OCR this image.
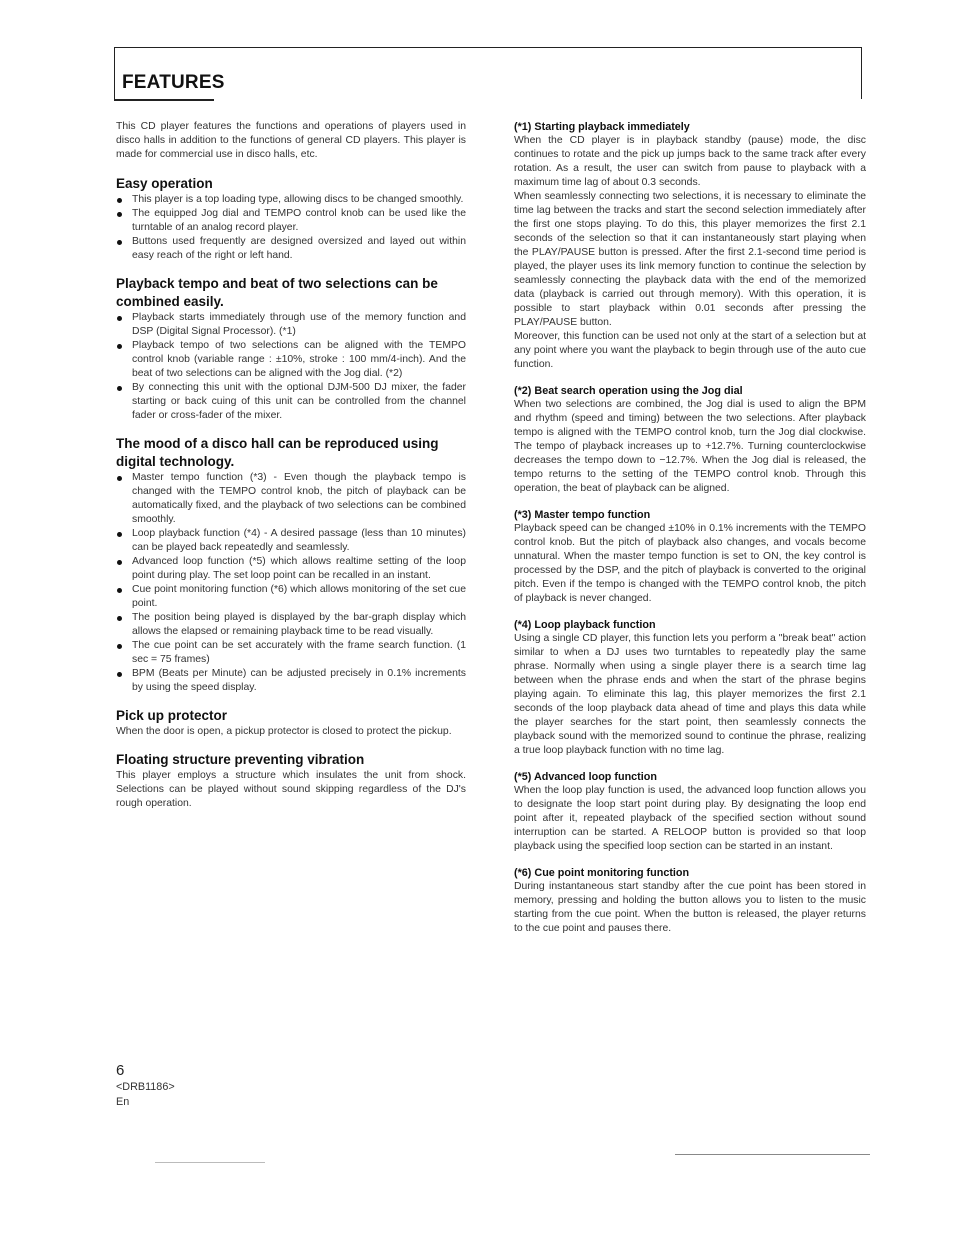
FEATURES

This CD player features the functions and operations of players used in disco halls in addition to the functions of general CD players. This player is made for commercial use in disco halls, etc.

Easy operation
This player is a top loading type, allowing discs to be changed smoothly.
The equipped Jog dial and TEMPO control knob can be used like the turntable of an analog record player.
Buttons used frequently are designed oversized and layed out within easy reach of the right or left hand.
Playback tempo and beat of two selections can be combined easily.
Playback starts immediately through use of the memory function and DSP (Digital Signal Processor). (*1)
Playback tempo of two selections can be aligned with the TEMPO control knob (variable range : ±10%, stroke : 100 mm/4-inch). And the beat of two selections can be aligned with the Jog dial. (*2)
By connecting this unit with the optional DJM-500 DJ mixer, the fader starting or back cuing of this unit can be controlled from the channel fader or cross-fader of the mixer.
The mood of a disco hall can be reproduced using digital technology.
Master tempo function (*3) - Even though the playback tempo is changed with the TEMPO control knob, the pitch of playback can be automatically fixed, and the playback of two selections can be combined smoothly.
Loop playback function (*4) - A desired passage (less than 10 minutes) can be played back repeatedly and seamlessly.
Advanced loop function (*5) which allows realtime setting of the loop point during play. The set loop point can be recalled in an instant.
Cue point monitoring function (*6) which allows monitoring of the set cue point.
The position being played is displayed by the bar-graph display which allows the elapsed or remaining playback time to be read visually.
The cue point can be set accurately with the frame search function. (1 sec = 75 frames)
BPM (Beats per Minute) can be adjusted precisely in 0.1% increments by using the speed display.
Pick up protector

When the door is open, a pickup protector is closed to protect the pickup.

Floating structure preventing vibration

This player employs a structure which insulates the unit from shock. Selections can be played without sound skipping regardless of the DJ's rough operation.

(*1) Starting playback immediately

When the CD player is in playback standby (pause) mode, the disc continues to rotate and the pick up jumps back to the same track after every rotation. As a result, the user can switch from pause to playback with a maximum time lag of about 0.3 seconds.

When seamlessly connecting two selections, it is necessary to eliminate the time lag between the tracks and start the second selection immediately after the first one stops playing. To do this, this player memorizes the first 2.1 seconds of the selection so that it can instantaneously start playing when the PLAY/PAUSE button is pressed. After the first 2.1-second time period is played, the player uses its link memory function to continue the selection by seamlessly connecting the playback data with the end of the memorized data (playback is carried out through memory). With this operation, it is possible to start playback within 0.01 seconds after pressing the PLAY/PAUSE button.

Moreover, this function can be used not only at the start of a selection but at any point where you want the playback to begin through use of the auto cue function.

(*2) Beat search operation using the Jog dial

When two selections are combined, the Jog dial is used to align the BPM and rhythm (speed and timing) between the two selections. After playback tempo is aligned with the TEMPO control knob, turn the Jog dial clockwise. The tempo of playback increases up to +12.7%. Turning counterclockwise decreases the tempo down to −12.7%. When the Jog dial is released, the tempo returns to the setting of the TEMPO control knob. Through this operation, the beat of playback can be aligned.

(*3) Master tempo function

Playback speed can be changed ±10% in 0.1% increments with the TEMPO control knob. But the pitch of playback also changes, and vocals become unnatural. When the master tempo function is set to ON, the key control is processed by the DSP, and the pitch of playback is converted to the original pitch. Even if the tempo is changed with the TEMPO control knob, the pitch of playback is never changed.

(*4) Loop playback function

Using a single CD player, this function lets you perform a "break beat" action similar to when a DJ uses two turntables to repeatedly play the same phrase. Normally when using a single player there is a search time lag between when the phrase ends and when the start of the phrase begins playing again. To eliminate this lag, this player memorizes the first 2.1 seconds of the loop playback data ahead of time and plays this data while the player searches for the start point, then seamlessly connects the playback sound with the memorized sound to continue the phrase, realizing a true loop playback function with no time lag.

(*5) Advanced loop function

When the loop play function is used, the advanced loop function allows you to designate the loop start point during play. By designating the loop end point after it, repeated playback of the specified section without sound interruption can be started. A RELOOP button is provided so that loop playback using the specified loop section can be started in an instant.

(*6) Cue point monitoring function

During instantaneous start standby after the cue point has been stored in memory, pressing and holding the button allows you to listen to the music starting from the cue point. When the button is released, the player returns to the cue point and pauses there.

6
<DRB1186>
En
